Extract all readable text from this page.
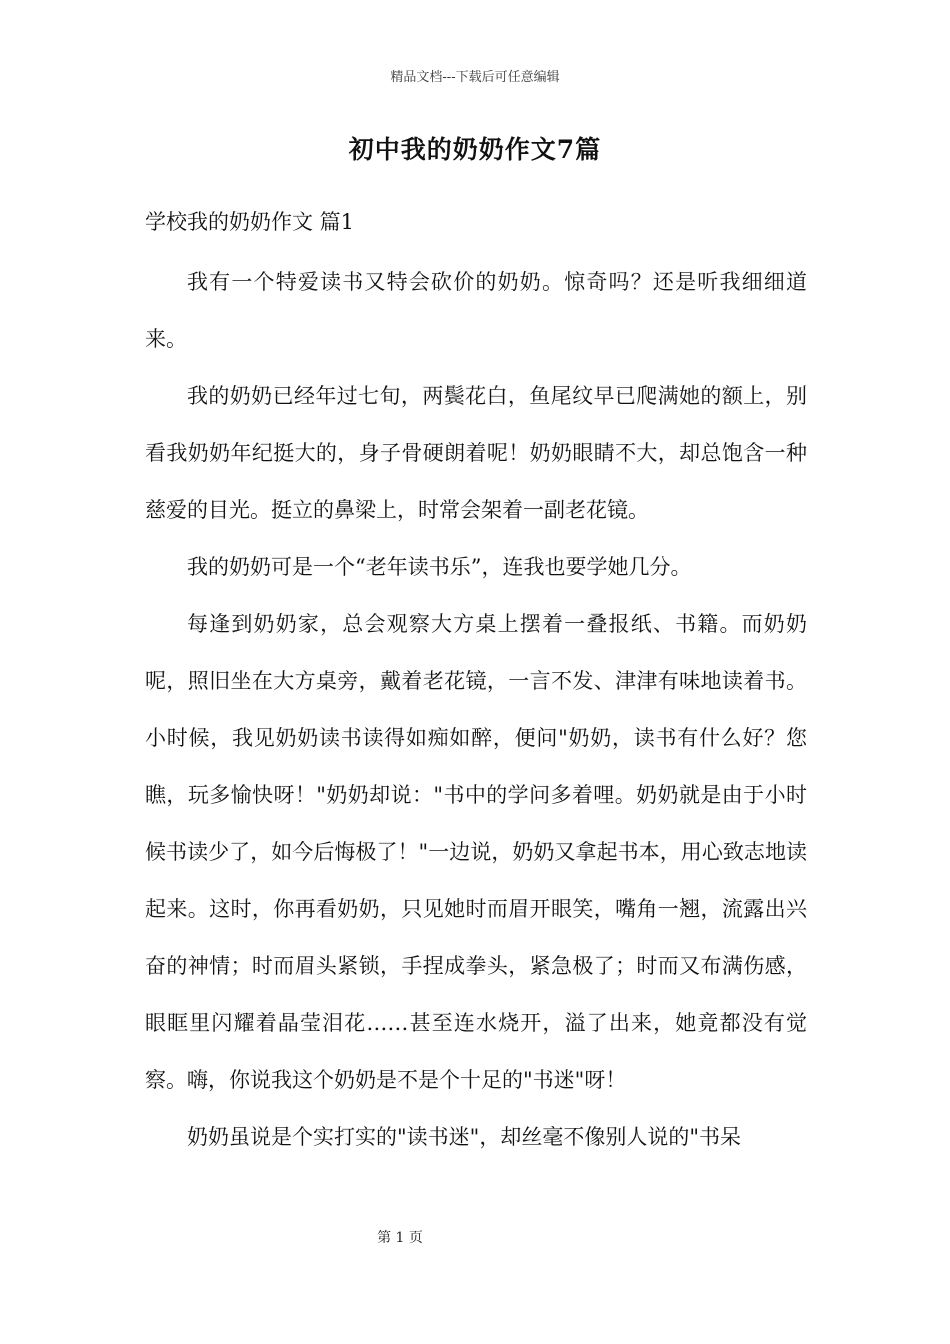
精品文档---下载后可任意编辑
初中我的奶奶作文7篇
学校我的奶奶作文 篇1

我有一个特爱读书又特会砍价的奶奶。惊奇吗？还是听我细细道来。

我的奶奶已经年过七旬，两鬓花白，鱼尾纹早已爬满她的额上，别看我奶奶年纪挺大的，身子骨硬朗着呢！奶奶眼睛不大，却总饱含一种慈爱的目光。挺立的鼻梁上，时常会架着一副老花镜。

我的奶奶可是一个“老年读书乐”，连我也要学她几分。

每逢到奶奶家，总会观察大方桌上摆着一叠报纸、书籍。而奶奶呢，照旧坐在大方桌旁，戴着老花镜，一言不发、津津有味地读着书。小时候，我见奶奶读书读得如痴如醉，便问"奶奶，读书有什么好？您瞧，玩多愉快呀！"奶奶却说："书中的学问多着哩。奶奶就是由于小时候书读少了，如今后悔极了！"一边说，奶奶又拿起书本，用心致志地读起来。这时，你再看奶奶，只见她时而眉开眼笑，嘴角一翘，流露出兴奋的神情；时而眉头紧锁，手捏成拳头，紧急极了；时而又布满伤感，眼眶里闪耀着晶莹泪花……甚至连水烧开，溢了出来，她竟都没有觉察。嗨，你说我这个奶奶是不是个十足的"书迷"呀！

奶奶虽说是个实打实的"读书迷"，却丝毫不像别人说的"书呆

第 1 页
